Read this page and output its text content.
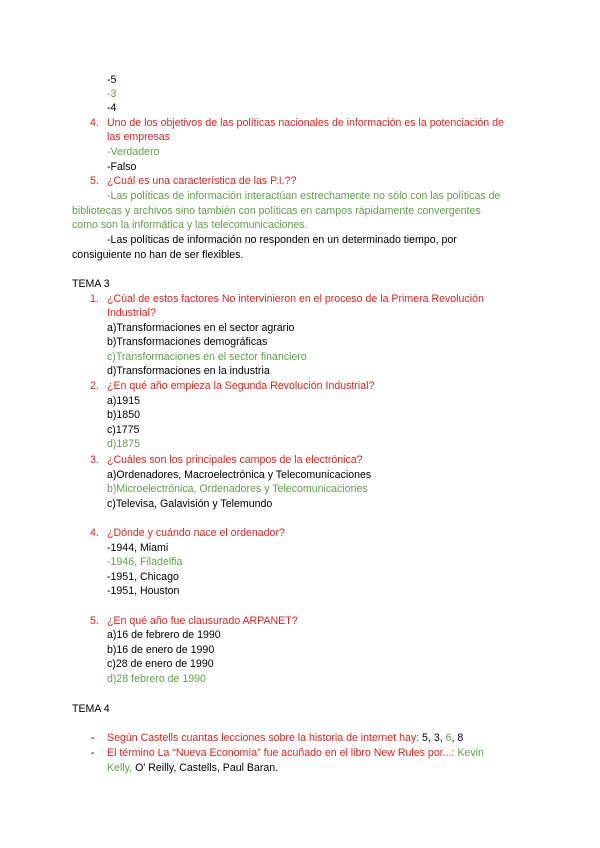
-5
-3
-4
4. Uno de los objetivos de las políticas nacionales de información es la potenciación de
las empresas
-Verdadero
-Falso
5. ¿Cuál es una característica de las P.I.??
-Las políticas de información interactúan estrechamente no sólo con las políticas de
bibliotecas y archivos sino también con políticas en campos rápidamente convergentes
como son la informática y las telecomunicaciones.
-Las políticas de información no responden en un determinado tiempo, por
consiguiente no han de ser flexibles.
TEMA 3
1. ¿Cúal de estos factores No intervinieron en el proceso de la Primera Revolución
Industrial?
a)Transformaciones en el sector agrario
b)Transformaciones demográficas
c)Transformaciones en el sector financiero
d)Transformaciones en la industria
2. ¿En qué año empieza la Segunda Revolución Industrial?
a)1915
b)1850
c)1775
d)1875
3. ¿Cuáles son los principales campos de la electrónica?
a)Ordenadores, Macroelectrónica y Telecomunicaciones
b)Microelectrónica, Ordenadores y Telecomunicaciones
c)Televisa, Galavisión y Telemundo
4. ¿Dónde y cuándo nace el ordenador?
-1944, Miami
-1946, Filadelfia
-1951, Chicago
-1951, Houston
5. ¿En qué año fue clausurado ARPANET?
a)16 de febrero de 1990
b)16 de enero de 1990
c)28 de enero de 1990
d)28 febrero de 1990
TEMA 4
- Según Castells cuantas lecciones sobre la historia de internet hay: 5, 3, 6, 8
- El término La “Nueva Economía” fue acuñado en el libro New Rules por...: Kevin
Kelly, O’ Reilly, Castells, Paul Baran.
